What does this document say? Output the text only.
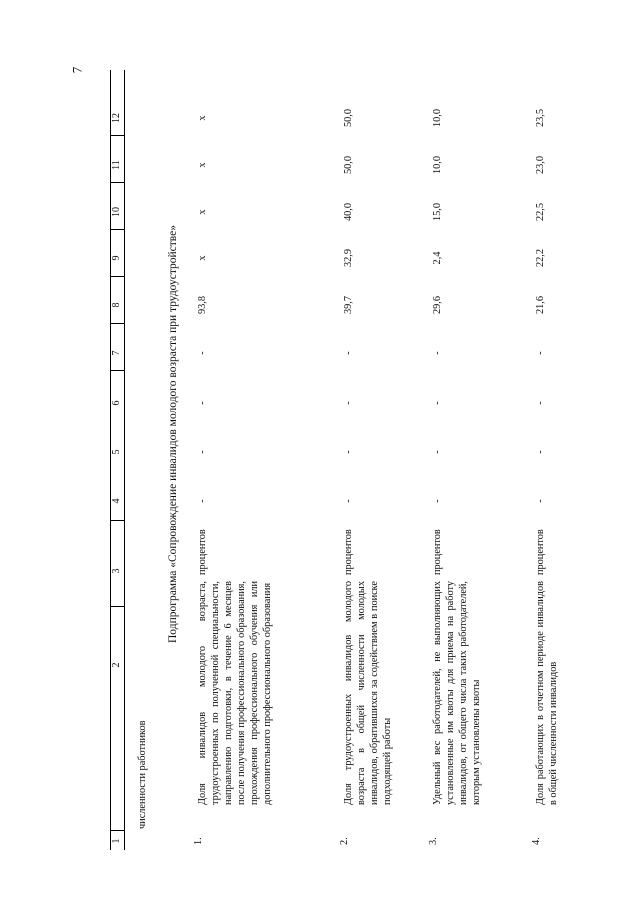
7
1
2
3
4
5
6
7
8
9
10
11
12
численности работников
Подпрограмма «Сопровождение инвалидов молодого возраста при трудоустройстве»
1.
Доля инвалидов молодого возраста, трудоустроенных по полученной специальности, направлению подготовки, в течение 6 месяцев после получения профессионального образования, прохождения профессионального обучения или дополнительного профессионального образования
процентов
-
-
-
-
93,8
x
x
x
x
2.
Доля трудоустроенных инвалидов молодого возраста в общей численности молодых инвалидов, обратившихся за содействием в поиске подходящей работы
процентов
-
-
-
-
39,7
32,9
40,0
50,0
50,0
3.
Удельный вес работодателей, не выполняющих установленные им квоты для приема на работу инвалидов, от общего числа таких работодателей, которым установлены квоты
процентов
-
-
-
-
29,6
2,4
15,0
10,0
10,0
4.
Доля работающих в отчетном периоде инвалидов в общей численности инвалидов
процентов
-
-
-
-
21,6
22,2
22,5
23,0
23,5
